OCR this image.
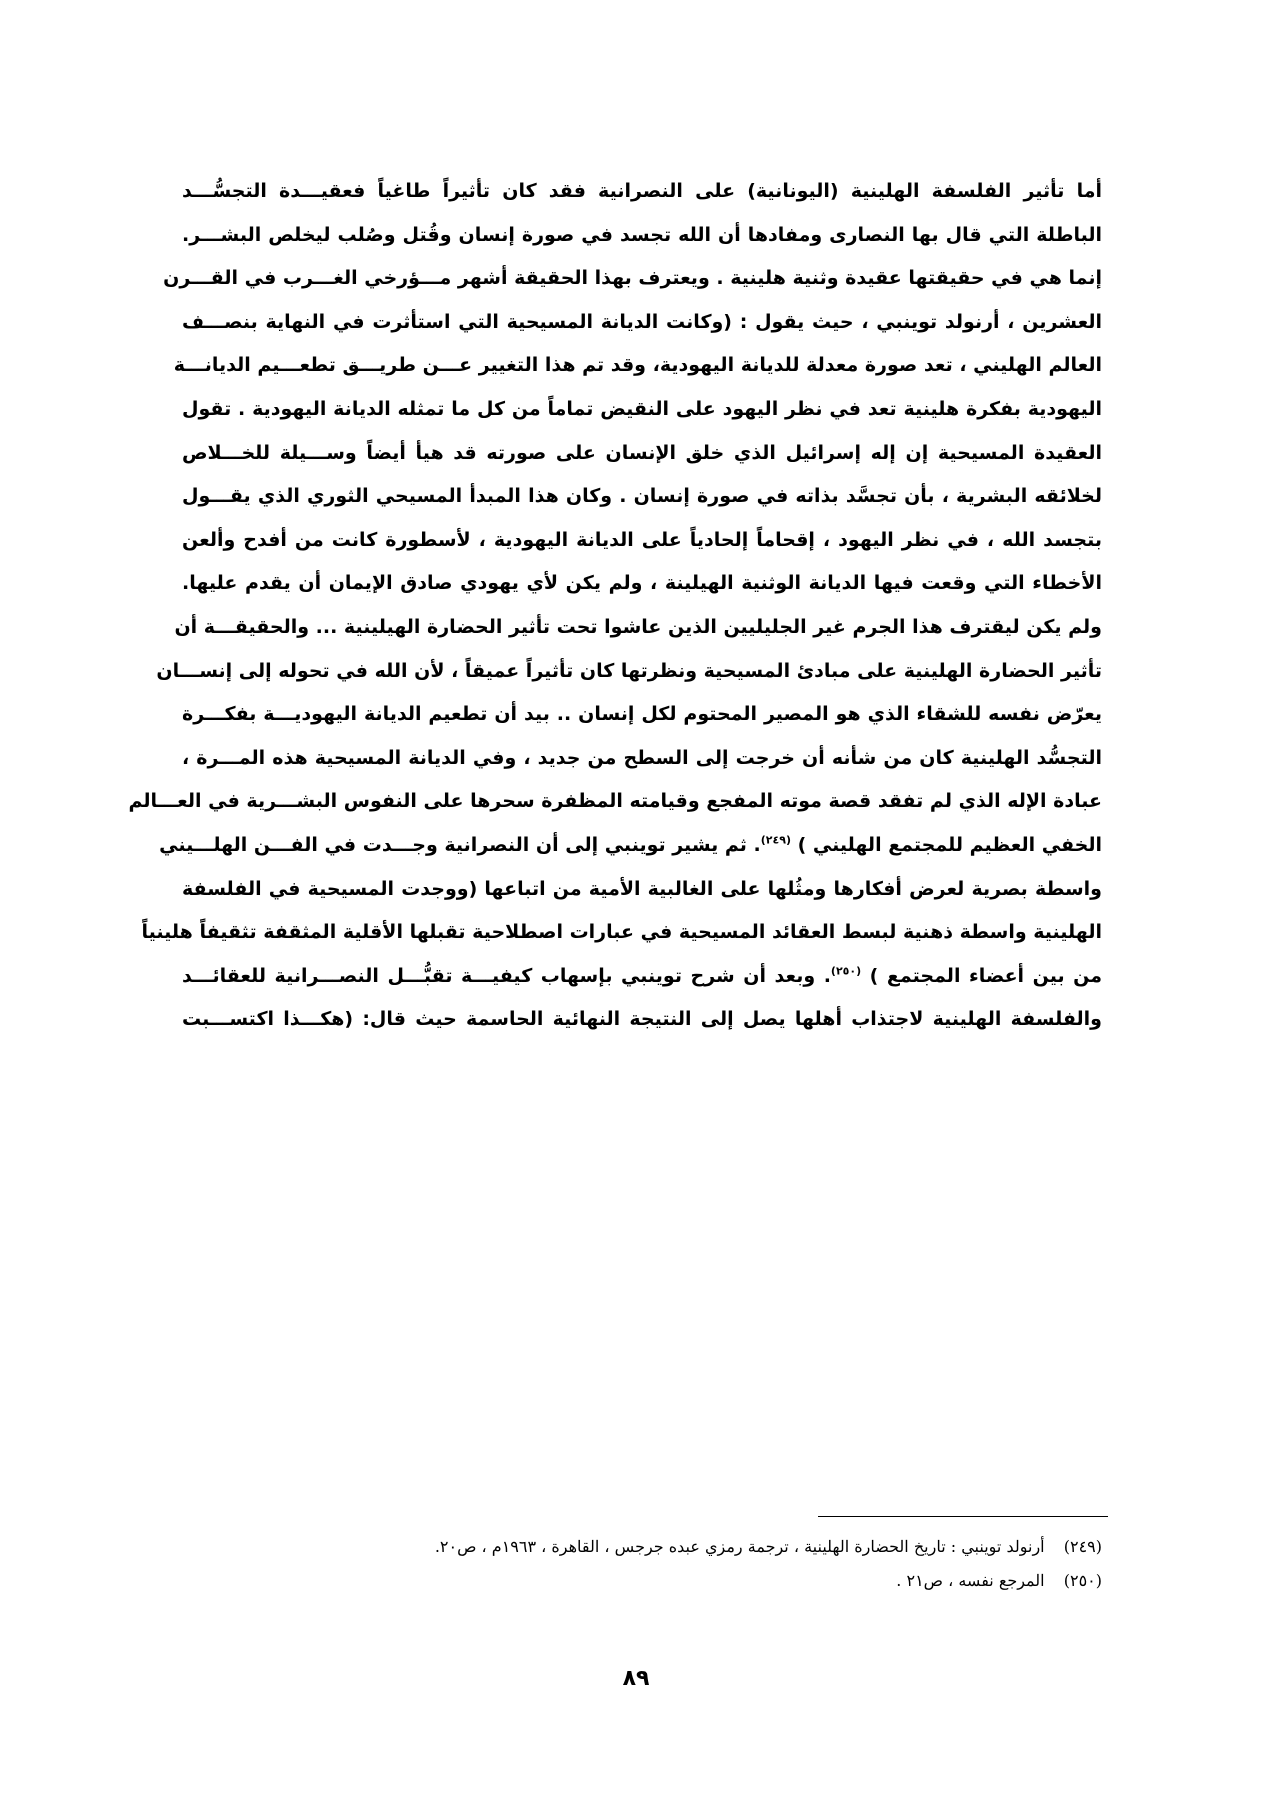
أما تأثير الفلسفة الهلينية (اليونانية) على النصرانية فقد كان تأثيراً طاغياً فعقيـــدة التجسُّـــد
الباطلة التي قال بها النصارى ومفادها أن الله تجسد في صورة إنسان وقُتل وصُلب ليخلص البشـــر.
إنما هي في حقيقتها عقيدة وثنية هلينية . ويعترف بهذا الحقيقة أشهر مـــؤرخي الغـــرب في القـــرن
العشرين ، أرنولد توينبي ، حيث يقول : (وكانت الديانة المسيحية التي استأثرت في النهاية بنصـــف
العالم الهليني ، تعد صورة معدلة للديانة اليهودية، وقد تم هذا التغيير عـــن طريـــق تطعـــيم الديانـــة
اليهودية بفكرة هلينية تعد في نظر اليهود على النقيض تماماً من كل ما تمثله الديانة اليهودية . تقول
العقيدة المسيحية إن إله إسرائيل الذي خلق الإنسان على صورته قد هيأ أيضاً وســـيلة للخـــلاص
لخلائقه البشرية ، بأن تجسَّد بذاته في صورة إنسان . وكان هذا المبدأ المسيحي الثوري الذي يقـــول
بتجسد الله ، في نظر اليهود ، إقحاماً إلحادياً على الديانة اليهودية ، لأسطورة كانت من أفدح وألعن
الأخطاء التي وقعت فيها الديانة الوثنية الهيلينة ، ولم يكن لأي يهودي صادق الإيمان أن يقدم عليها.
ولم يكن ليقترف هذا الجرم غير الجليليين الذين عاشوا تحت تأثير الحضارة الهيلينية ... والحقيقـــة أن
تأثير الحضارة الهلينية على مبادئ المسيحية ونظرتها كان تأثيراً عميقاً ، لأن الله في تحوله إلى إنســـان
يعرّض نفسه للشقاء الذي هو المصير المحتوم لكل إنسان .. بيد أن تطعيم الديانة اليهوديـــة بفكـــرة
التجسُّد الهلينية كان من شأنه أن خرجت إلى السطح من جديد ، وفي الديانة المسيحية هذه المـــرة ،
عبادة الإله الذي لم تفقد قصة موته المفجع وقيامته المظفرة سحرها على النفوس البشـــرية في العـــالم
الخفي العظيم للمجتمع الهليني ) $^{(٢٤٩)}$. ثم يشير توينبي إلى أن النصرانية وجـــدت في الفـــن الهلـــيني
واسطة بصرية لعرض أفكارها ومثُلها على الغالبية الأمية من اتباعها (ووجدت المسيحية في الفلسفة
الهلينية واسطة ذهنية لبسط العقائد المسيحية في عبارات اصطلاحية تقبلها الأقلية المثقفة تثقيفاً هلينياً
من بين أعضاء المجتمع ) $^{(٢٥٠)}$. وبعد أن شرح توينبي بإسهاب كيفيـــة تقبُّـــل النصـــرانية للعقائـــد
والفلسفة الهلينية لاجتذاب أهلها يصل إلى النتيجة النهائية الحاسمة حيث قال: (هكـــذا اكتســـبت
(٢٤٩) أرنولد توينبي : تاريخ الحضارة الهلينية ، ترجمة رمزي عبده جرجس ، القاهرة ، ١٩٦٣م ، ص٢٠.
(٢٥٠) المرجع نفسه ، ص٢١ .
٨٩
